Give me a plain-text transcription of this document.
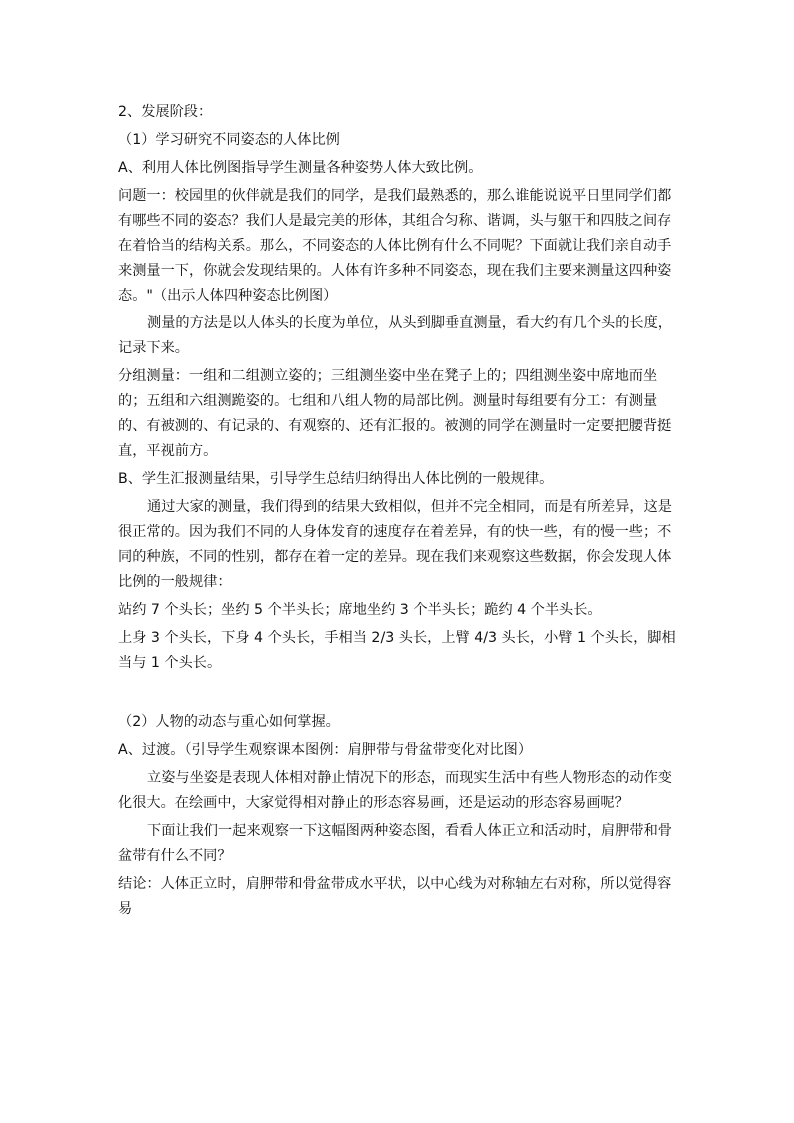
2、发展阶段：

（1）学习研究不同姿态的人体比例

A、利用人体比例图指导学生测量各种姿势人体大致比例。

问题一：校园里的伙伴就是我们的同学，是我们最熟悉的，那么谁能说说平日里同学们都有哪些不同的姿态？我们人是最完美的形体，其组合匀称、谐调，头与躯干和四肢之间存在着恰当的结构关系。那么，不同姿态的人体比例有什么不同呢？下面就让我们亲自动手来测量一下，你就会发现结果的。人体有许多种不同姿态，现在我们主要来测量这四种姿态。"（出示人体四种姿态比例图）

测量的方法是以人体头的长度为单位，从头到脚垂直测量，看大约有几个头的长度，记录下来。

分组测量：一组和二组测立姿的；三组测坐姿中坐在凳子上的；四组测坐姿中席地而坐的；五组和六组测跪姿的。七组和八组人物的局部比例。测量时每组要有分工：有测量的、有被测的、有记录的、有观察的、还有汇报的。被测的同学在测量时一定要把腰背挺直，平视前方。

B、学生汇报测量结果，引导学生总结归纳得出人体比例的一般规律。

通过大家的测量，我们得到的结果大致相似，但并不完全相同，而是有所差异，这是很正常的。因为我们不同的人身体发育的速度存在着差异，有的快一些，有的慢一些；不同的种族，不同的性别，都存在着一定的差异。现在我们来观察这些数据，你会发现人体比例的一般规律：

站约 7 个头长；坐约 5 个半头长；席地坐约 3 个半头长；跪约 4 个半头长。

上身 3 个头长，下身 4 个头长，手相当 2/3 头长，上臂 4/3 头长，小臂 1 个头长，脚相当与 1 个头长。

（2）人物的动态与重心如何掌握。

A、过渡。（引导学生观察课本图例：肩胛带与骨盆带变化对比图）

立姿与坐姿是表现人体相对静止情况下的形态，而现实生活中有些人物形态的动作变化很大。在绘画中，大家觉得相对静止的形态容易画，还是运动的形态容易画呢？

下面让我们一起来观察一下这幅图两种姿态图，看看人体正立和活动时，肩胛带和骨盆带有什么不同？

结论：人体正立时，肩胛带和骨盆带成水平状，以中心线为对称轴左右对称，所以觉得容易
